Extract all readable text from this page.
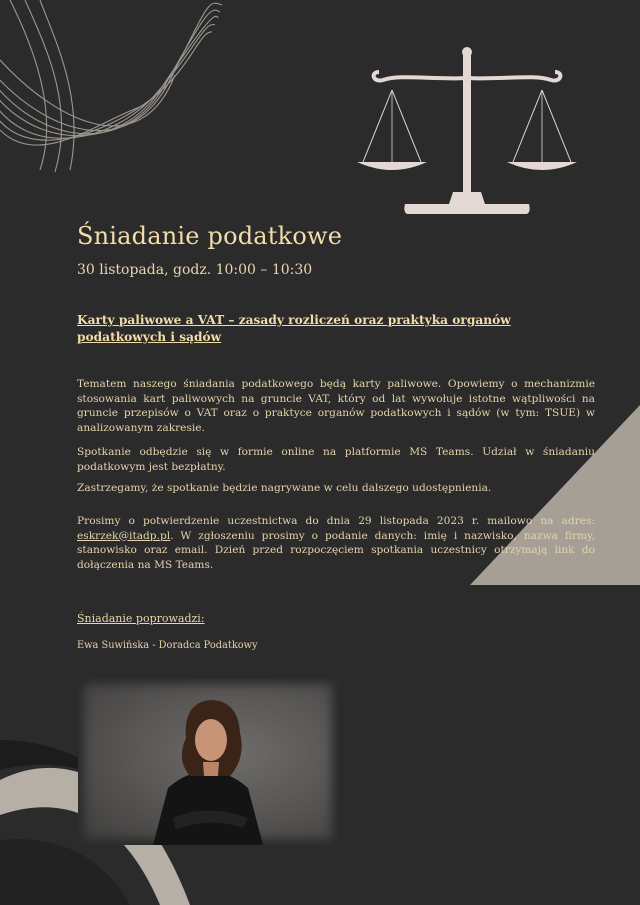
Śniadanie podatkowe
30 listopada, godz. 10:00 – 10:30
Karty paliwowe a VAT – zasady rozliczeń oraz praktyka organów podatkowych i sądów

Tematem naszego śniadania podatkowego będą karty paliwowe. Opowiemy o mechanizmie stosowania kart paliwowych na gruncie VAT, który od lat wywołuje istotne wątpliwości na gruncie przepisów o VAT oraz o praktyce organów podatkowych i sądów (w tym: TSUE) w analizowanym zakresie.

Spotkanie odbędzie się w formie online na platformie MS Teams. Udział w śniadaniu podatkowym jest bezpłatny.

Zastrzegamy, że spotkanie będzie nagrywane w celu dalszego udostępnienia.

Prosimy o potwierdzenie uczestnictwa do dnia 29 listopada 2023 r. mailowo na adres: eskrzek@itadp.pl. W zgłoszeniu prosimy o podanie danych: imię i nazwisko, nazwa firmy, stanowisko oraz email. Dzień przed rozpoczęciem spotkania uczestnicy otrzymają link do dołączenia na MS Teams.

Śniadanie poprowadzi:
Ewa Suwińska - Doradca Podatkowy
